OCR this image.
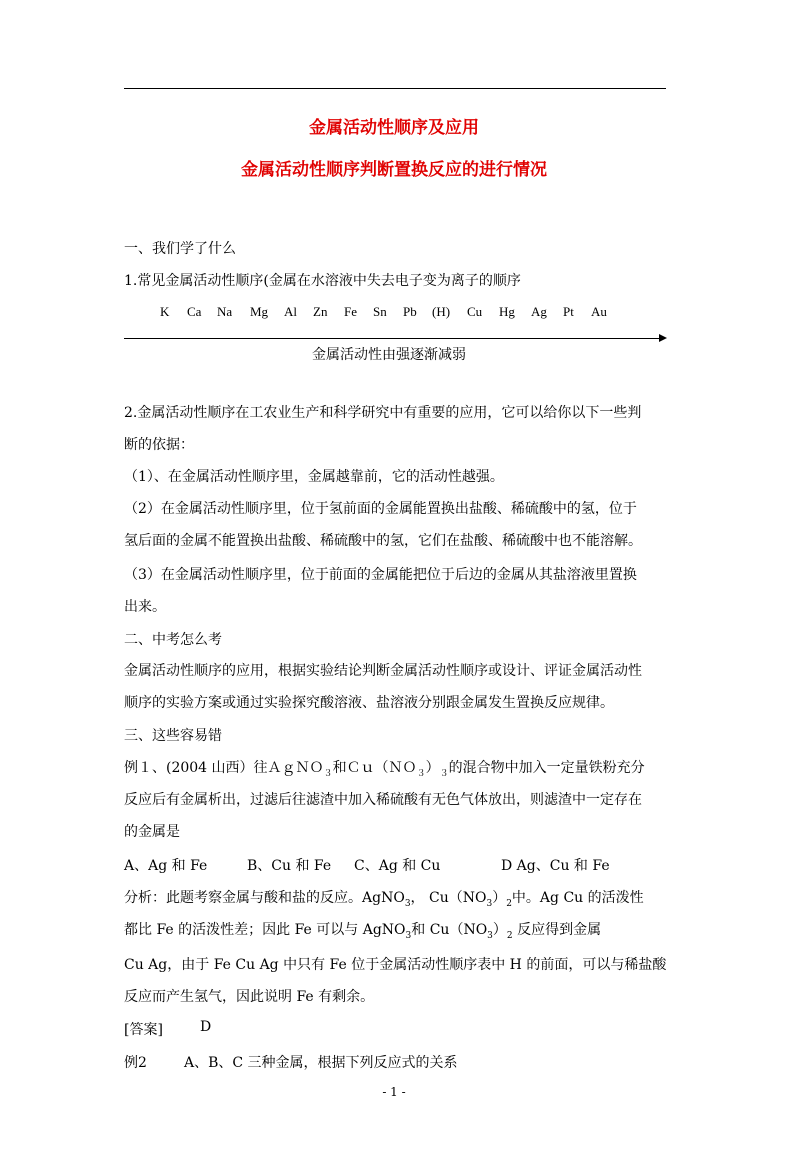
金属活动性顺序及应用
金属活动性顺序判断置换反应的进行情况
一、我们学了什么
1.常见金属活动性顺序(金属在水溶液中失去电子变为离子的顺序
K Ca Na Mg Al Zn Fe Sn Pb (H) Cu Hg Ag Pt Au
金属活动性由强逐渐减弱
2.金属活动性顺序在工农业生产和科学研究中有重要的应用，它可以给你以下一些判
断的依据：
（1）、在金属活动性顺序里，金属越靠前，它的活动性越强。
（2）在金属活动性顺序里，位于氢前面的金属能置换出盐酸、稀硫酸中的氢，位于
氢后面的金属不能置换出盐酸、稀硫酸中的氢，它们在盐酸、稀硫酸中也不能溶解。
（3）在金属活动性顺序里，位于前面的金属能把位于后边的金属从其盐溶液里置换
出来。
二、中考怎么考
金属活动性顺序的应用，根据实验结论判断金属活动性顺序或设计、评证金属活动性
顺序的实验方案或通过实验探究酸溶液、盐溶液分别跟金属发生置换反应规律。
三、这些容易错
例１、(2004 山西）往ＡｇＮＯ$_3$和$Cu(NO_3)_3$的混合物中加入一定量铁粉充分
反应后有金属析出，过滤后往滤渣中加入稀硫酸有无色气体放出，则滤渣中一定存在
的金属是
A、Ag 和 Fe	B、Cu 和 Fe C、Ag 和 Cu	D Ag、Cu 和 Fe
分析：此题考察金属与酸和盐的反应。AgNO$_3$， $Cu(NO_3)_2$中。Ag Cu 的活泼性
都比 Fe 的活泼性差；因此 Fe 可以与 AgNO$_3$和 $Cu(NO_3)_2$ 反应得到金属
Cu Ag，由于 Fe Cu Ag 中只有 Fe 位于金属活动性顺序表中 H 的前面，可以与稀盐酸
反应而产生氢气，因此说明 Fe 有剩余。
[答案]	D
例2	A、B、C 三种金属，根据下列反应式的关系
- 1 -
